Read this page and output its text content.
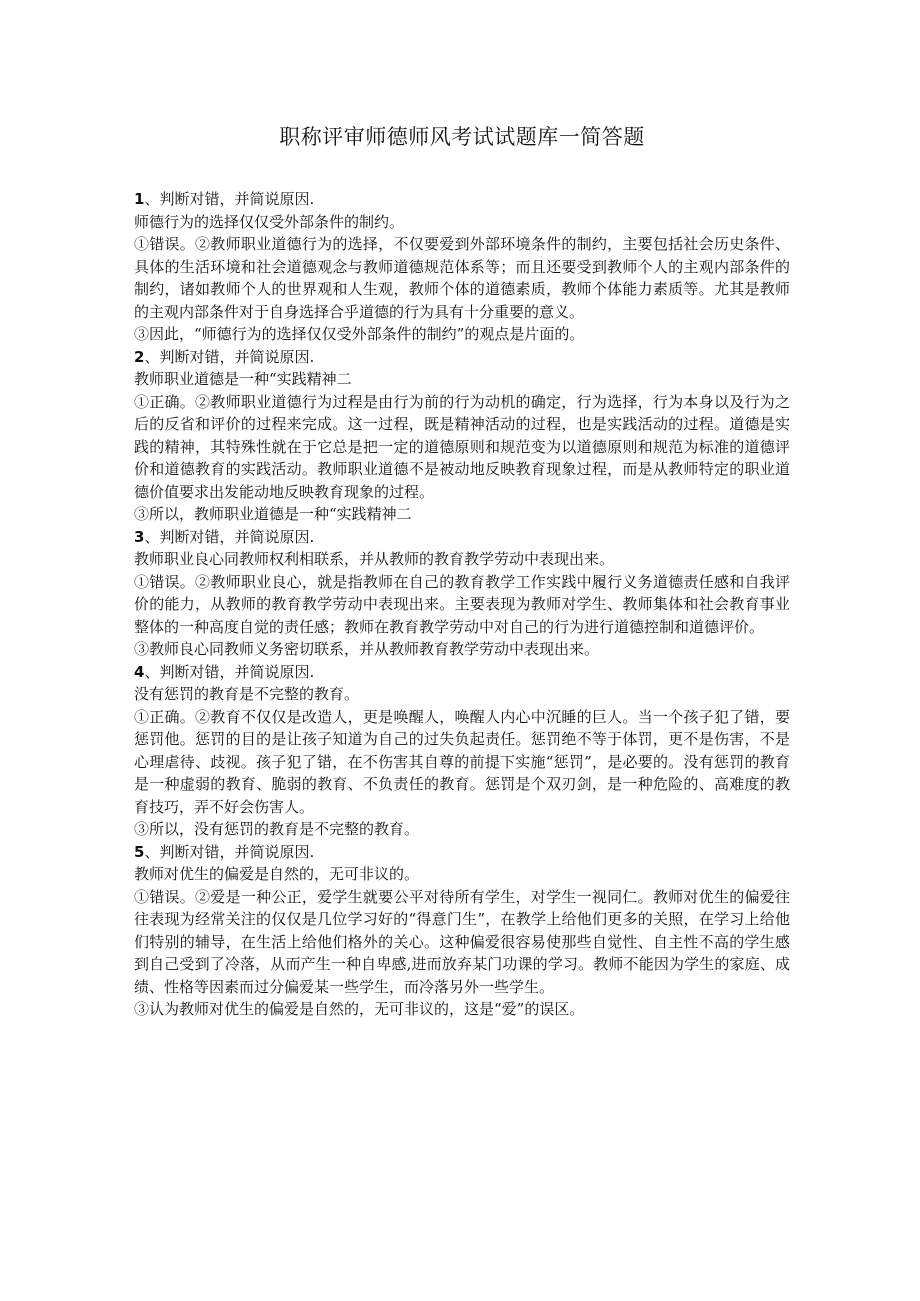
职称评审师德师风考试试题库一简答题

1、判断对错，并简说原因.

师德行为的选择仅仅受外部条件的制约。

①错误。②教师职业道德行为的选择，不仅要爱到外部环境条件的制约，主要包括社会历史条件、具体的生活环境和社会道德观念与教师道德规范体系等；而且还要受到教师个人的主观内部条件的制约，诸如教师个人的世界观和人生观，教师个体的道德素质，教师个体能力素质等。尤其是教师的主观内部条件对于自身选择合乎道德的行为具有十分重要的意义。

③因此，“师德行为的选择仅仅受外部条件的制约”的观点是片面的。

2、判断对错，并简说原因.

教师职业道德是一种“实践精神二

①正确。②教师职业道德行为过程是由行为前的行为动机的确定，行为选择，行为本身以及行为之后的反省和评价的过程来完成。这一过程，既是精神活动的过程，也是实践活动的过程。道德是实践的精神，其特殊性就在于它总是把一定的道德原则和规范变为以道德原则和规范为标准的道德评价和道德教育的实践活动。教师职业道德不是被动地反映教育现象过程，而是从教师特定的职业道德价值要求出发能动地反映教育现象的过程。

③所以，教师职业道德是一种“实践精神二

3、判断对错，并简说原因.

教师职业良心同教师权利相联系，并从教师的教育教学劳动中表现出来。

①错误。②教师职业良心，就是指教师在自己的教育教学工作实践中履行义务道德责任感和自我评价的能力，从教师的教育教学劳动中表现出来。主要表现为教师对学生、教师集体和社会教育事业整体的一种高度自觉的责任感；教师在教育教学劳动中对自己的行为进行道德控制和道德评价。

③教师良心同教师义务密切联系，并从教师教育教学劳动中表现出来。

4、判断对错，并简说原因.

没有惩罚的教育是不完整的教育。

①正确。②教育不仅仅是改造人，更是唤醒人，唤醒人内心中沉睡的巨人。当一个孩子犯了错，要惩罚他。惩罚的目的是让孩子知道为自己的过失负起责任。惩罚绝不等于体罚，更不是伤害，不是心理虐待、歧视。孩子犯了错，在不伤害其自尊的前提下实施“惩罚”，是必要的。没有惩罚的教育是一种虚弱的教育、脆弱的教育、不负责任的教育。惩罚是个双刃剑，是一种危险的、高难度的教育技巧，弄不好会伤害人。

③所以，没有惩罚的教育是不完整的教育。

5、判断对错，并简说原因.

教师对优生的偏爱是自然的，无可非议的。

①错误。②爱是一种公正，爱学生就要公平对待所有学生，对学生一视同仁。教师对优生的偏爱往往表现为经常关注的仅仅是几位学习好的“得意门生”，在教学上给他们更多的关照，在学习上给他们特别的辅导，在生活上给他们格外的关心。这种偏爱很容易使那些自觉性、自主性不高的学生感到自己受到了冷落，从而产生一种自卑感,进而放弃某门功课的学习。教师不能因为学生的家庭、成绩、性格等因素而过分偏爱某一些学生，而冷落另外一些学生。

③认为教师对优生的偏爱是自然的，无可非议的，这是“爱”的误区。
